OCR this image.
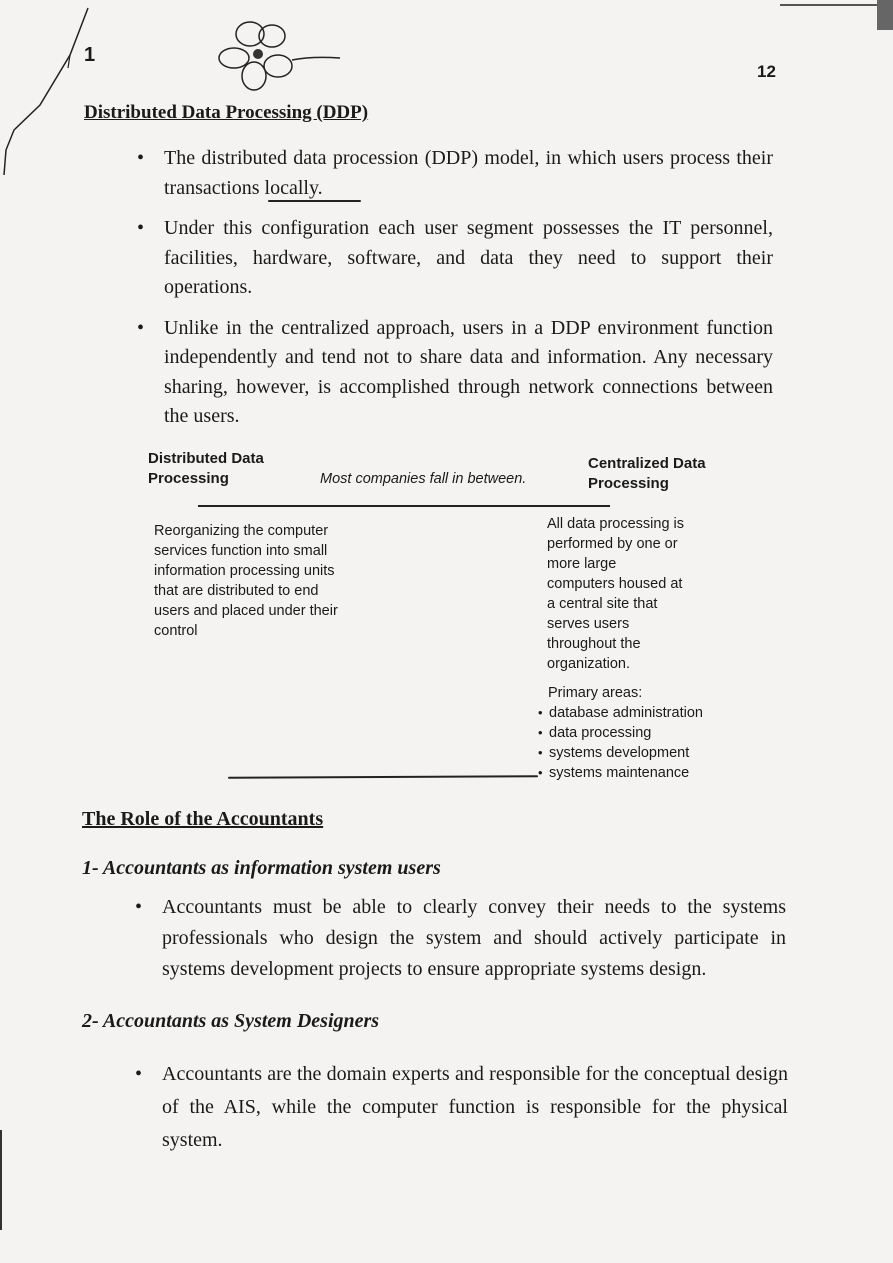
1
12
Distributed Data Processing (DDP)
• The distributed data procession (DDP) model, in which users process their transactions locally.
• Under this configuration each user segment possesses the IT personnel, facilities, hardware, software, and data they need to support their operations.
• Unlike in the centralized approach, users in a DDP environment function independently and tend not to share data and information. Any necessary sharing, however, is accomplished through network connections between the users.
Distributed Data Processing	Most companies fall in between.
Centralized Data Processing
Reorganizing the computer services function into small information processing units that are distributed to end users and placed under their control
All data processing is performed by one or more large computers housed at a central site that serves users throughout the organization.
Primary areas:
• database administration
• data processing
• systems development
• systems maintenance
The Role of the Accountants
1- Accountants as information system users
• Accountants must be able to clearly convey their needs to the systems professionals who design the system and should actively participate in systems development projects to ensure appropriate systems design.
2- Accountants as System Designers
• Accountants are the domain experts and responsible for the conceptual design of the AIS, while the computer function is responsible for the physical system.
